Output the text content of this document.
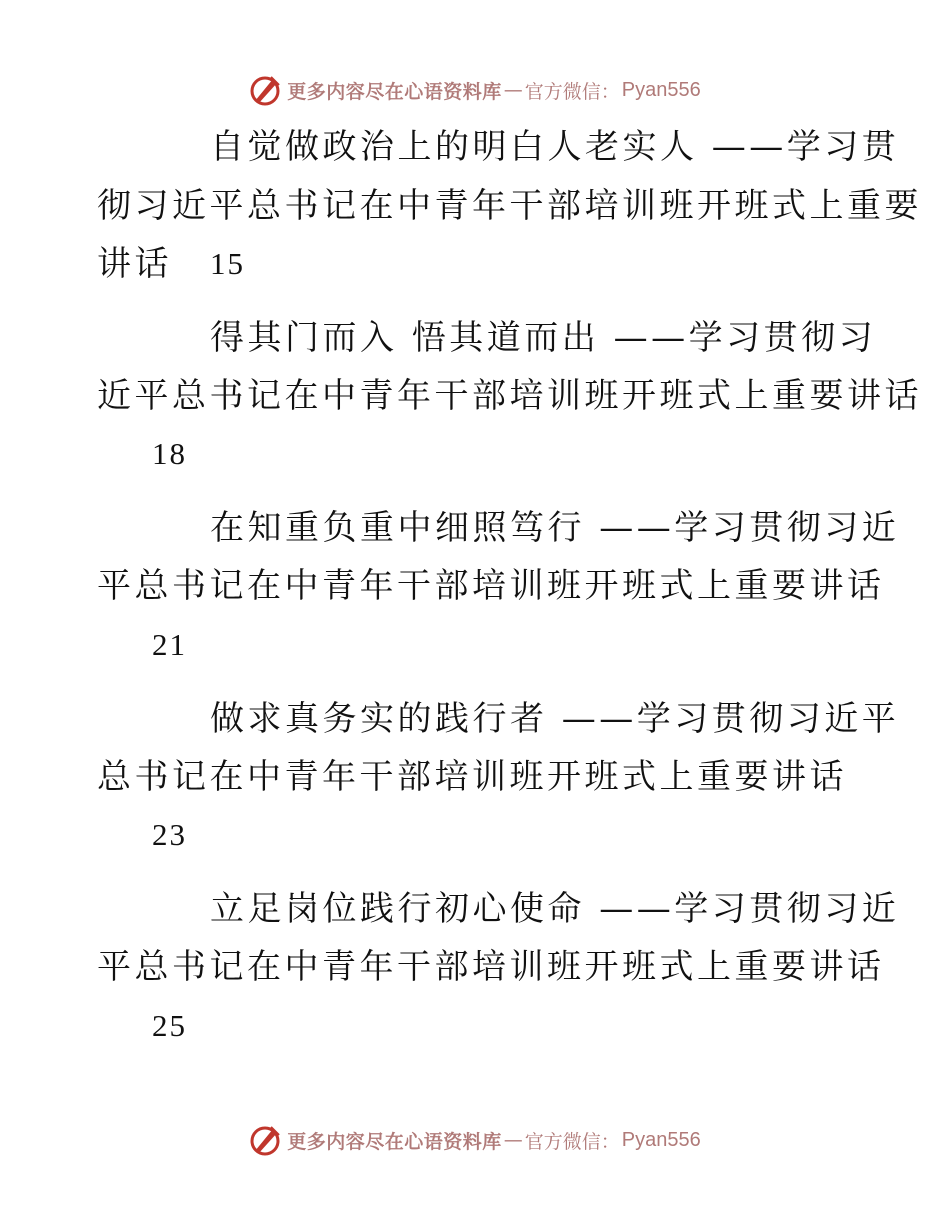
更多内容尽在心语资料库 — 官方微信： Pyan556
自觉做政治上的明白人老实人 ——学习贯
彻习近平总书记在中青年干部培训班开班式上重要
讲话 15
得其门而入 悟其道而出 ——学习贯彻习
近平总书记在中青年干部培训班开班式上重要讲话
18
在知重负重中细照笃行 ——学习贯彻习近
平总书记在中青年干部培训班开班式上重要讲话
21
做求真务实的践行者 ——学习贯彻习近平
总书记在中青年干部培训班开班式上重要讲话
23
立足岗位践行初心使命 ——学习贯彻习近
平总书记在中青年干部培训班开班式上重要讲话
25
更多内容尽在心语资料库 — 官方微信： Pyan556
